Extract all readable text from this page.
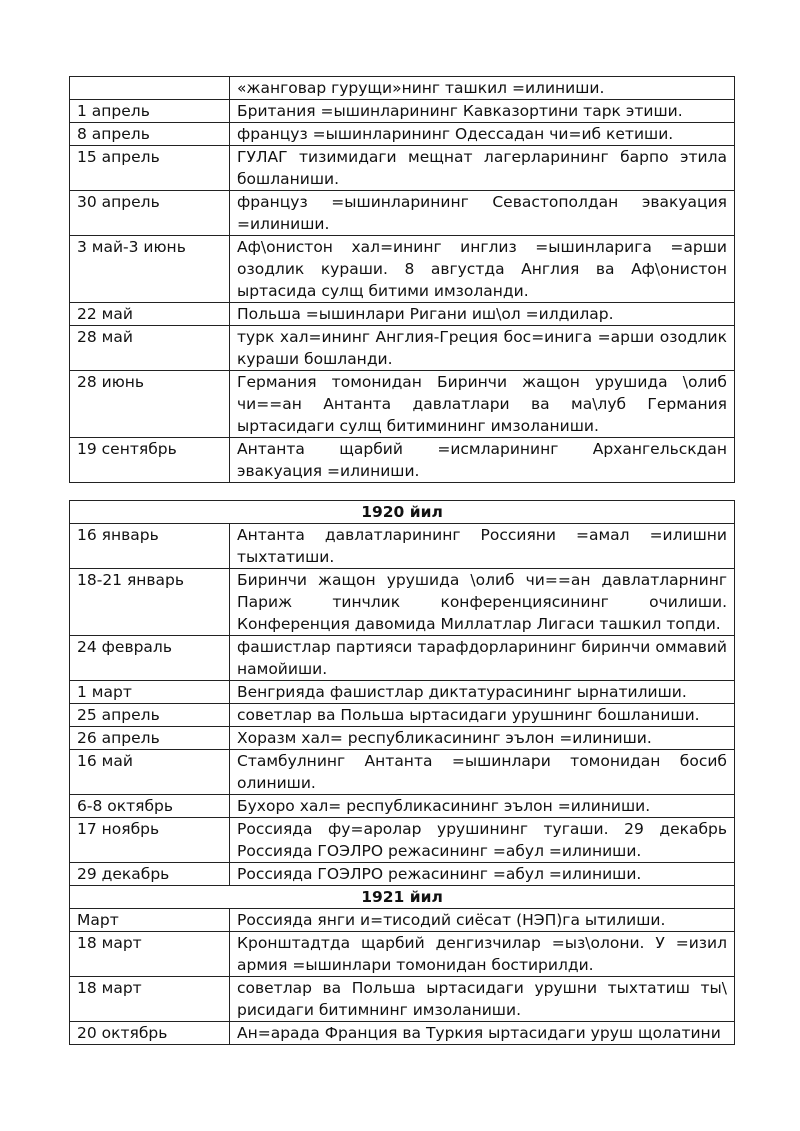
	«жанговар гурущи»нинг ташкил =илиниши.
1 апрель	Британия =ышинларининг Кавказортини тарк этиши.
8 апрель	француз =ышинларининг Одессадан чи=иб кетиши.
15 апрель	ГУЛАГ тизимидаги мещнат лагерларининг барпо этила бошланиши.
30 апрель	француз =ышинларининг Севастополдан эвакуация =илиниши.
3 май-3 июнь	Аф\онистон хал=ининг инглиз =ышинларига =арши озодлик кураши. 8 августда Англия ва Аф\онистон ыртасида сулщ битими имзоланди.
22 май	Польша =ышинлари Ригани иш\ол =илдилар.
28 май	турк хал=ининг Англия-Греция бос=инига =арши озодлик кураши бошланди.
28 июнь	Германия томонидан Биринчи жащон урушида \олиб чи==ан Антанта давлатлари ва ма\луб Германия ыртасидаги сулщ битимининг имзоланиши.
19 сентябрь	Антанта щарбий =исмларининг Архангельскдан эвакуация =илиниши.
1920 йил	
16 январь	Антанта давлатларининг Россияни =амал =илишни тыхтатиши.
18-21 январь	Биринчи жащон урушида \олиб чи==ан давлатларнинг Париж тинчлик конференциясининг очилиши. Конференция давомида Миллатлар Лигаси ташкил топди.
24 февраль	фашистлар партияси тарафдорларининг биринчи оммавий намойиши.
1 март	Венгрияда фашистлар диктатурасининг ырнатилиши.
25 апрель	советлар ва Польша ыртасидаги урушнинг бошланиши.
26 апрель	Хоразм хал= республикасининг эълон =илиниши.
16 май	Стамбулнинг Антанта =ышинлари томонидан босиб олиниши.
6-8 октябрь	Бухоро хал= республикасининг эълон =илиниши.
17 ноябрь	Россияда фу=аролар урушининг тугаши. 29 декабрь Россияда ГОЭЛРО режасининг =абул =илиниши.
29 декабрь	Россияда ГОЭЛРО режасининг =абул =илиниши.
1921 йил	
Март	Россияда янги и=тисодий сиёсат (НЭП)га ытилиши.
18 март	Кронштадтда щарбий денгизчилар =ыз\олони. У =изил армия =ышинлари томонидан бостирилди.
18 март	советлар ва Польша ыртасидаги урушни тыхтатиш ты\ рисидаги битимнинг имзоланиши.
20 октябрь	Ан=арада Франция ва Туркия ыртасидаги уруш щолатини
